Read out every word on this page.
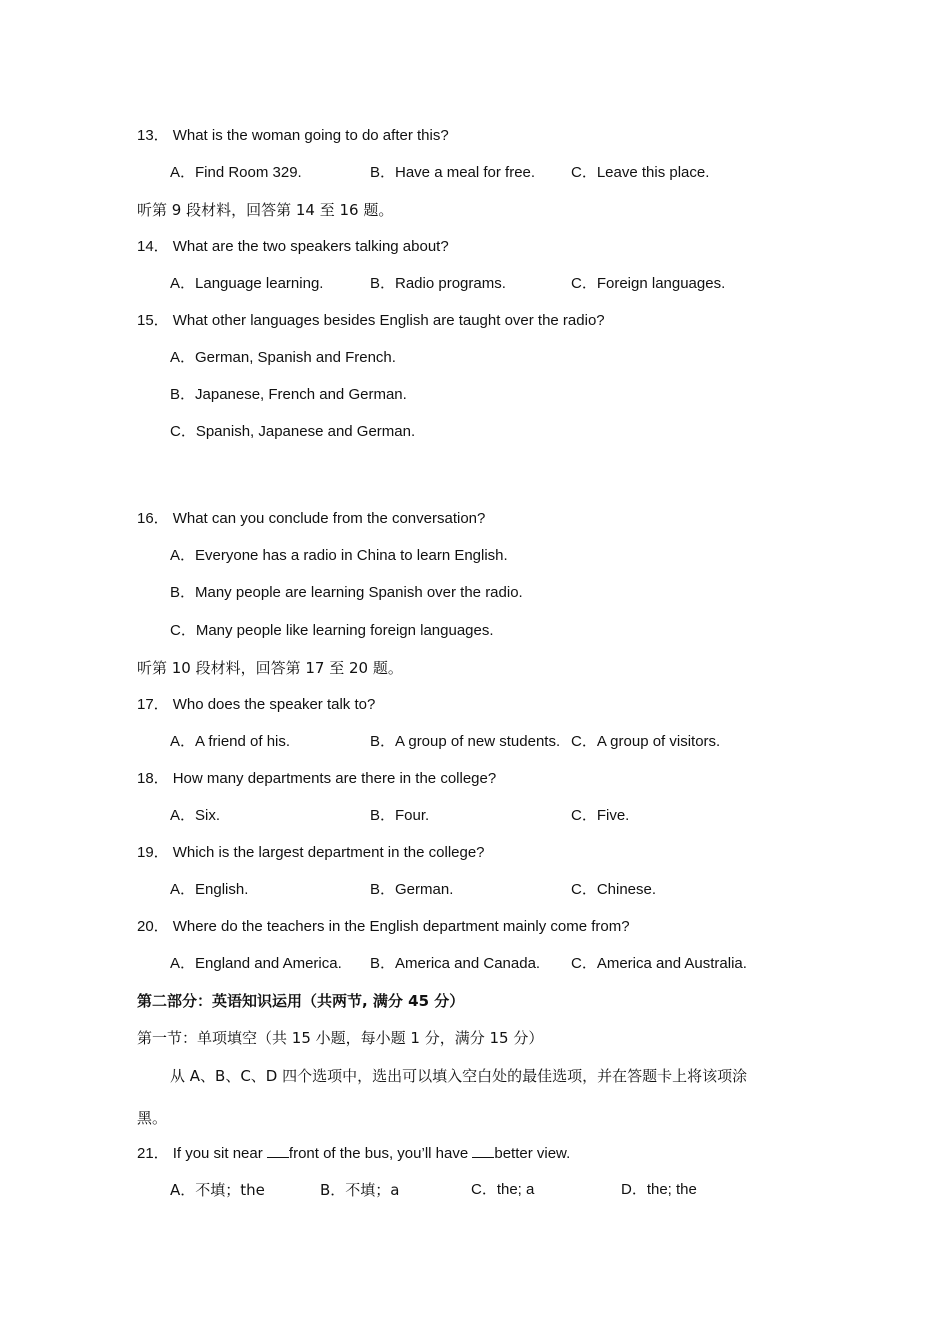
13． What is the woman going to do after this?
A．Find Room 329.	B．Have a meal for free. C．Leave this place.
听第 9 段材料，回答第 14 至 16 题。
14． What are the two speakers talking about?
A．Language learning.	B．Radio programs.	C．Foreign languages.
15． What other languages besides English are taught over the radio?
A．German, Spanish and French.
B．Japanese, French and German.
C．Spanish, Japanese and German.
16． What can you conclude from the conversation?
A．Everyone has a radio in China to learn English.
B．Many people are learning Spanish over the radio.
C．Many people like learning foreign languages.
听第 10 段材料，回答第 17 至 20 题。
17． Who does the speaker talk to?
A．A friend of his.	B．A group of new students. C．A group of visitors.
18． How many departments are there in the college?
A．Six.	B．Four.	C．Five.
19． Which is the largest department in the college?
A．English.	B．German.	C．Chinese.
20． Where do the teachers in the English department mainly come from?
A．England and America. B．America and Canada. C．America and Australia.
第二部分：英语知识运用（共两节, 满分 45 分）
第一节：单项填空（共 15 小题，每小题 1 分，满分 15 分）
从 A、B、C、D 四个选项中，选出可以填入空白处的最佳选项，并在答题卡上将该项涂
黑。
21． If you sit near front of the bus, you’ll have better view.
A．不填；the	B．不填；a	C．the; a	D．the; the
